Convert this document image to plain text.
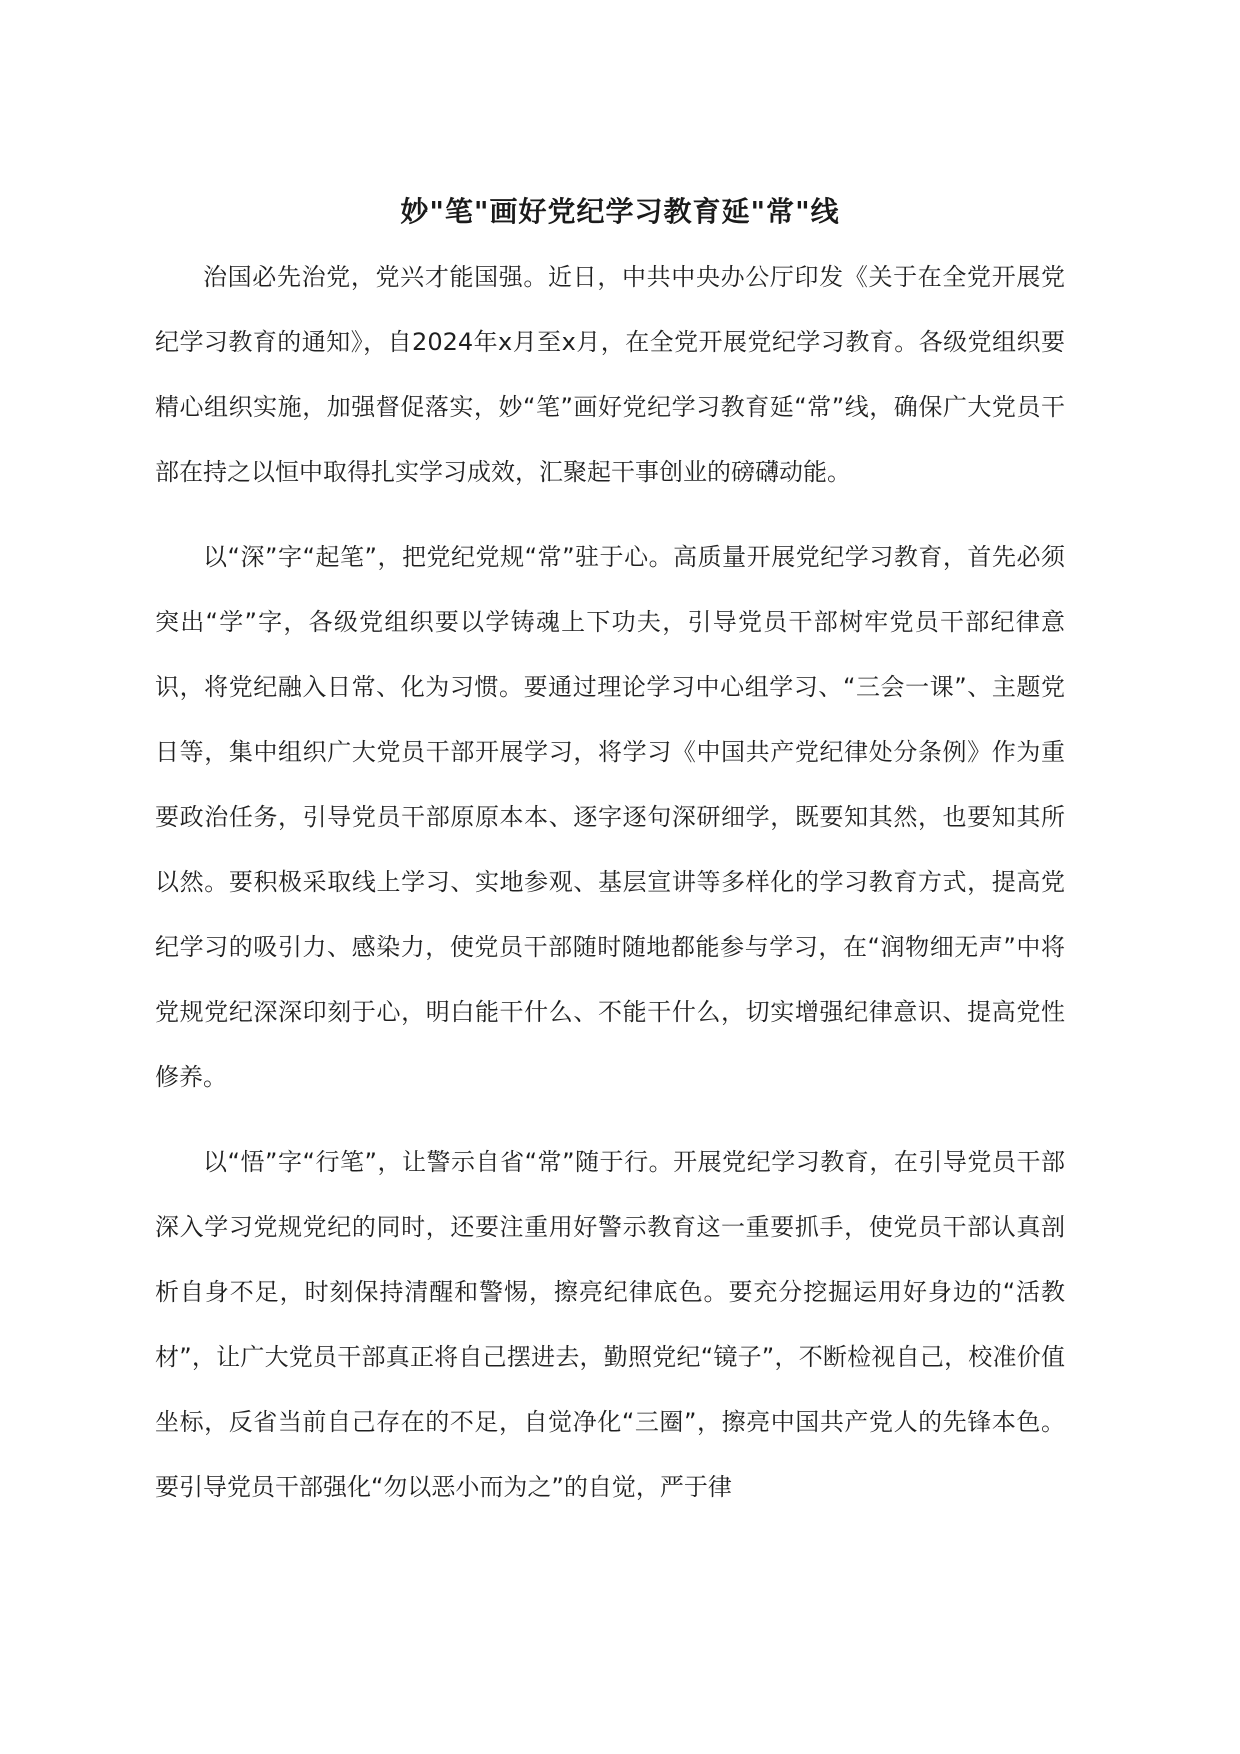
妙"笔"画好党纪学习教育延"常"线

治国必先治党，党兴才能国强。近日，中共中央办公厅印发《关于在全党开展党纪学习教育的通知》，自2024年x月至x月，在全党开展党纪学习教育。各级党组织要精心组织实施，加强督促落实，妙“笔”画好党纪学习教育延“常”线，确保广大党员干部在持之以恒中取得扎实学习成效，汇聚起干事创业的磅礴动能。

以“深”字“起笔”，把党纪党规“常”驻于心。高质量开展党纪学习教育，首先必须突出“学”字，各级党组织要以学铸魂上下功夫，引导党员干部树牢党员干部纪律意识，将党纪融入日常、化为习惯。要通过理论学习中心组学习、“三会一课”、主题党日等，集中组织广大党员干部开展学习，将学习《中国共产党纪律处分条例》作为重要政治任务，引导党员干部原原本本、逐字逐句深研细学，既要知其然，也要知其所以然。要积极采取线上学习、实地参观、基层宣讲等多样化的学习教育方式，提高党纪学习的吸引力、感染力，使党员干部随时随地都能参与学习，在“润物细无声”中将党规党纪深深印刻于心，明白能干什么、不能干什么，切实增强纪律意识、提高党性修养。

以“悟”字“行笔”，让警示自省“常”随于行。开展党纪学习教育，在引导党员干部深入学习党规党纪的同时，还要注重用好警示教育这一重要抓手，使党员干部认真剖析自身不足，时刻保持清醒和警惕，擦亮纪律底色。要充分挖掘运用好身边的“活教材”，让广大党员干部真正将自己摆进去，勤照党纪“镜子”，不断检视自己，校准价值坐标，反省当前自己存在的不足，自觉净化“三圈”，擦亮中国共产党人的先锋本色。要引导党员干部强化“勿以恶小而为之”的自觉，严于律
